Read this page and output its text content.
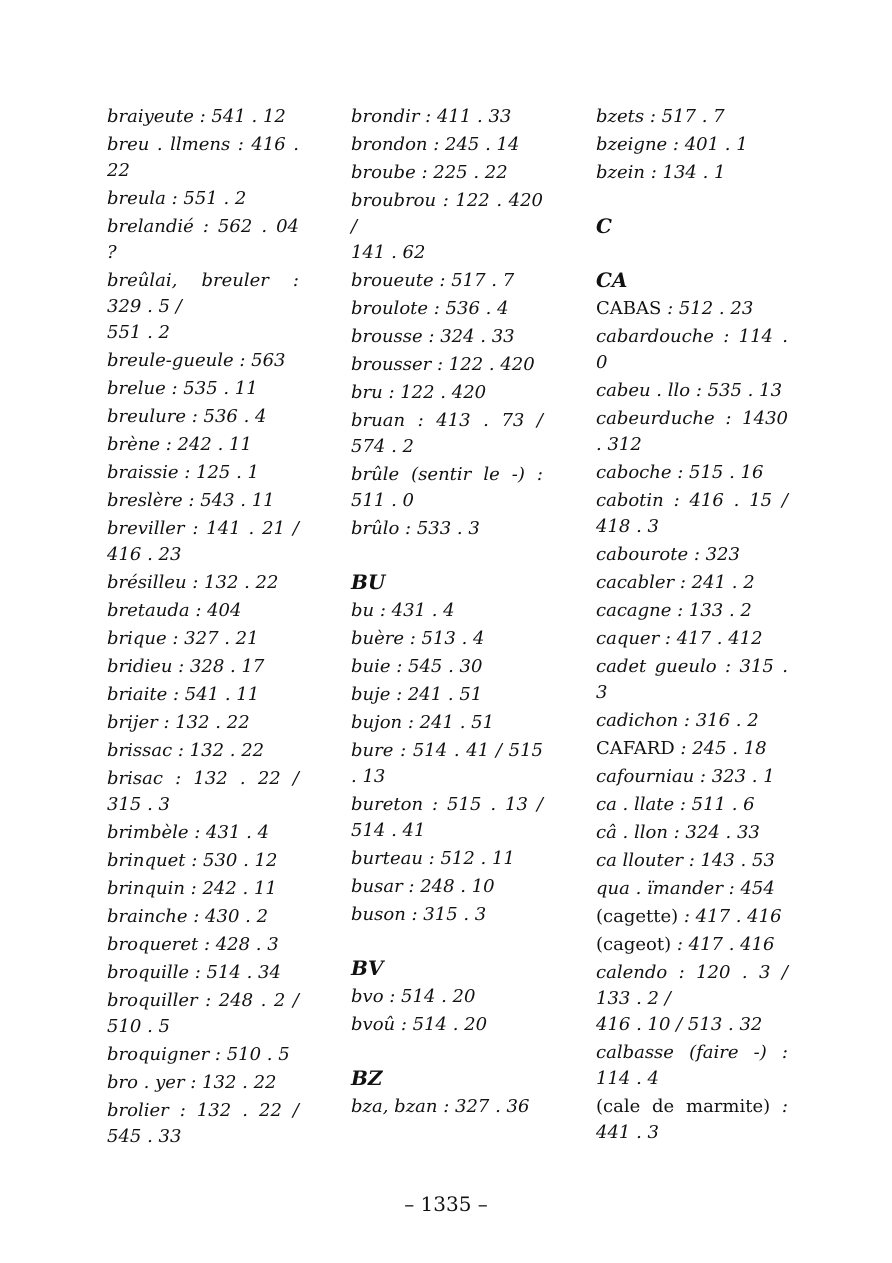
braiyeute : 541 . 12
breu . llmens : 416 . 22
breula : 551 . 2
brelandié : 562 . 04 ?
breûlai, breuler : 329 . 5 /
551 . 2
breule-gueule : 563
brelue : 535 . 11
breulure : 536 . 4
brène : 242 . 11
braissie : 125 . 1
breslère : 543 . 11
breviller : 141 . 21 / 416 . 23
brésilleu : 132 . 22
bretauda : 404
brique : 327 . 21
bridieu : 328 . 17
briaite : 541 . 11
brijer : 132 . 22
brissac : 132 . 22
brisac : 132 . 22 / 315 . 3
brimbèle : 431 . 4
brinquet : 530 . 12
brinquin : 242 . 11
brainche : 430 . 2
broqueret : 428 . 3
broquille : 514 . 34
broquiller : 248 . 2 / 510 . 5
broquigner : 510 . 5
bro . yer : 132 . 22
brolier : 132 . 22 / 545 . 33
brondir : 411 . 33
brondon : 245 . 14
broube : 225 . 22
broubrou : 122 . 420 /
141 . 62
broueute : 517 . 7
broulote : 536 . 4
brousse : 324 . 33
brousser : 122 . 420
bru : 122 . 420
bruan : 413 . 73 / 574 . 2
brûle (sentir le -) : 511 . 0
brûlo : 533 . 3
BU
bu : 431 . 4
buère : 513 . 4
buie : 545 . 30
buje : 241 . 51
bujon : 241 . 51
bure : 514 . 41 / 515 . 13
bureton : 515 . 13 / 514 . 41
burteau : 512 . 11
busar : 248 . 10
buson : 315 . 3
BV
bvo : 514 . 20
bvoû : 514 . 20
BZ
bza, bzan : 327 . 36
bzets : 517 . 7
bzeigne : 401 . 1
bzein : 134 . 1
C
CA
CABAS : 512 . 23
cabardouche : 114 . 0
cabeu . llo : 535 . 13
cabeurduche : 1430 . 312
caboche : 515 . 16
cabotin : 416 . 15 / 418 . 3
cabourote : 323
cacabler : 241 . 2
cacagne : 133 . 2
caquer : 417 . 412
cadet gueulo : 315 . 3
cadichon : 316 . 2
CAFARD : 245 . 18
cafourniau : 323 . 1
ca . llate : 511 . 6
câ . llon : 324 . 33
ca llouter : 143 . 53
qua . ïmander : 454
(cagette) : 417 . 416
(cageot) : 417 . 416
calendo : 120 . 3 / 133 . 2 /
416 . 10 / 513 . 32
calbasse (faire -) : 114 . 4
(cale de marmite) : 441 . 3
– 1335 –
